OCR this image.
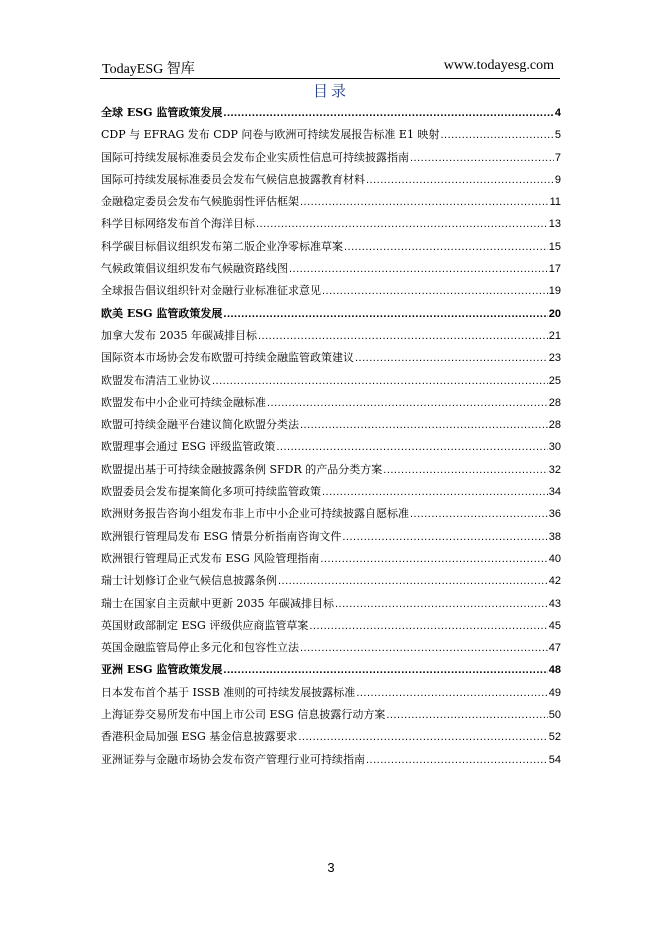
TodayESG 智库	www.todayesg.com
目录
全球 ESG 监管政策发展 .....	4
CDP 与 EFRAG 发布 CDP 问卷与欧洲可持续发展报告标准 E1 映射 .....	5
国际可持续发展标准委员会发布企业实质性信息可持续披露指南 .....	7
国际可持续发展标准委员会发布气候信息披露教育材料 .....	9
金融稳定委员会发布气候脆弱性评估框架 .....	11
科学目标网络发布首个海洋目标 .....	13
科学碳目标倡议组织发布第二版企业净零标准草案 .....	15
气候政策倡议组织发布气候融资路线图 .....	17
全球报告倡议组织针对金融行业标准征求意见 .....	19
欧美 ESG 监管政策发展 .....	20
加拿大发布 2035 年碳减排目标 .....	21
国际资本市场协会发布欧盟可持续金融监管政策建议 .....	23
欧盟发布清洁工业协议 .....	25
欧盟发布中小企业可持续金融标准 .....	28
欧盟可持续金融平台建议简化欧盟分类法 .....	28
欧盟理事会通过 ESG 评级监管政策 .....	30
欧盟提出基于可持续金融披露条例 SFDR 的产品分类方案 .....	32
欧盟委员会发布提案简化多项可持续监管政策 .....	34
欧洲财务报告咨询小组发布非上市中小企业可持续披露自愿标准 .....	36
欧洲银行管理局发布 ESG 情景分析指南咨询文件 .....	38
欧洲银行管理局正式发布 ESG 风险管理指南 .....	40
瑞士计划修订企业气候信息披露条例 .....	42
瑞士在国家自主贡献中更新 2035 年碳减排目标 .....	43
英国财政部制定 ESG 评级供应商监管草案 .....	45
英国金融监管局停止多元化和包容性立法 .....	47
亚洲 ESG 监管政策发展 .....	48
日本发布首个基于 ISSB 准则的可持续发展披露标准 .....	49
上海证券交易所发布中国上市公司 ESG 信息披露行动方案 .....	50
香港积金局加强 ESG 基金信息披露要求 .....	52
亚洲证券与金融市场协会发布资产管理行业可持续指南 .....	54
3
